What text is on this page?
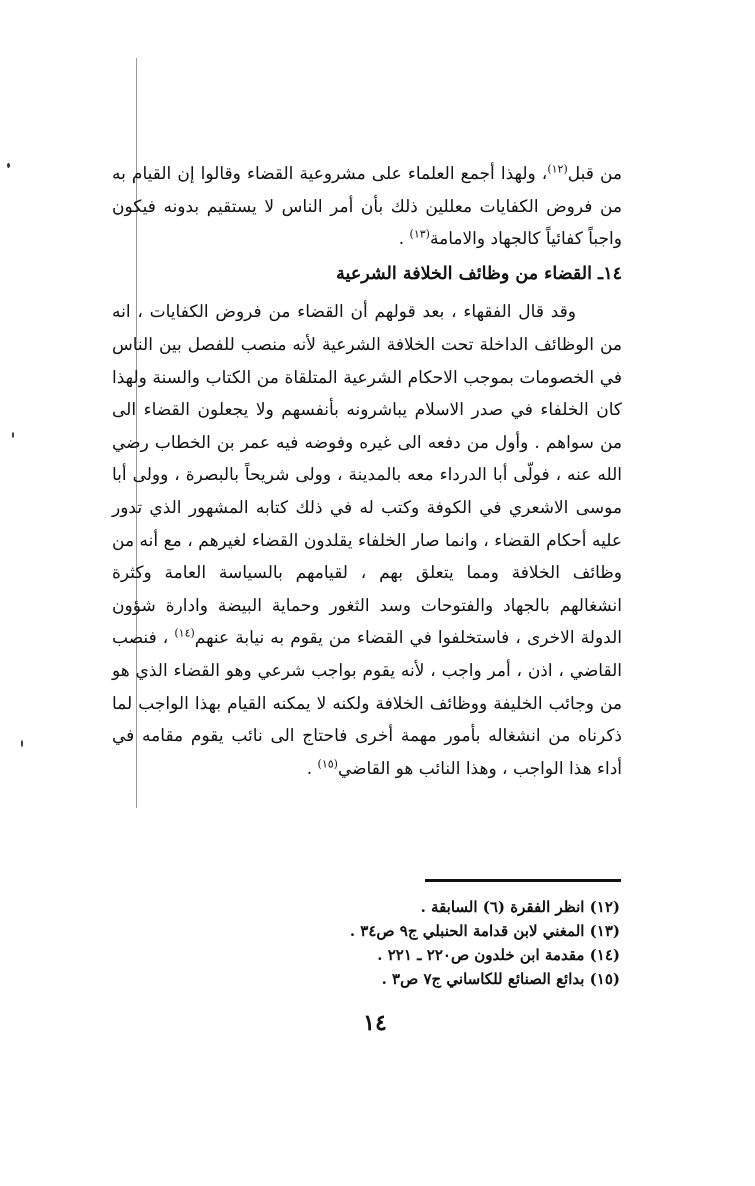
من قبل$^{(١٢)}$، ولهذا أجمع العلماء على مشروعية القضاء وقالوا إن القيام به من فروض الكفايات معللين ذلك بأن أمر الناس لا يستقيم بدونه فيكون واجباً كفائياً كالجهاد والامامة$^{(١٣)}$ .

١٤ـ القضاء من وظائف الخلافة الشرعية

وقد قال الفقهاء ، بعد قولهم أن القضاء من فروض الكفايات ، انه من الوظائف الداخلة تحت الخلافة الشرعية لأنه منصب للفصل بين الناس في الخصومات بموجب الاحكام الشرعية المتلقاة من الكتاب والسنة ولهذا كان الخلفاء في صدر الاسلام يباشرونه بأنفسهم ولا يجعلون القضاء الى من سواهم . وأول من دفعه الى غيره وفوضه فيه عمر بن الخطاب رضي الله عنه ، فولّى أبا الدرداء معه بالمدينة ، وولى شريحاً بالبصرة ، وولى أبا موسى الاشعري في الكوفة وكتب له في ذلك كتابه المشهور الذي تدور عليه أحكام القضاء ، وانما صار الخلفاء يقلدون القضاء لغيرهم ، مع أنه من وظائف الخلافة ومما يتعلق بهم ، لقيامهم بالسياسة العامة وكثرة انشغالهم بالجهاد والفتوحات وسد الثغور وحماية البيضة وادارة شؤون الدولة الاخرى ، فاستخلفوا في القضاء من يقوم به نيابة عنهم$^{(١٤)}$ ، فنصب القاضي ، اذن ، أمر واجب ، لأنه يقوم بواجب شرعي وهو القضاء الذي هو من وجائب الخليفة ووظائف الخلافة ولكنه لا يمكنه القيام بهذا الواجب لما ذكرناه من انشغاله بأمور مهمة أخرى فاحتاج الى نائب يقوم مقامه في أداء هذا الواجب ، وهذا النائب هو القاضي$^{(١٥)}$ .

(١٢) انظر الفقرة (٦) السابقة .
(١٣) المغني لابن قدامة الحنبلي ج٩ ص٣٤ .
(١٤) مقدمة ابن خلدون ص٢٢٠ ـ ٢٢١ .
(١٥) بدائع الصنائع للكاساني ج٧ ص٣ .
١٤
